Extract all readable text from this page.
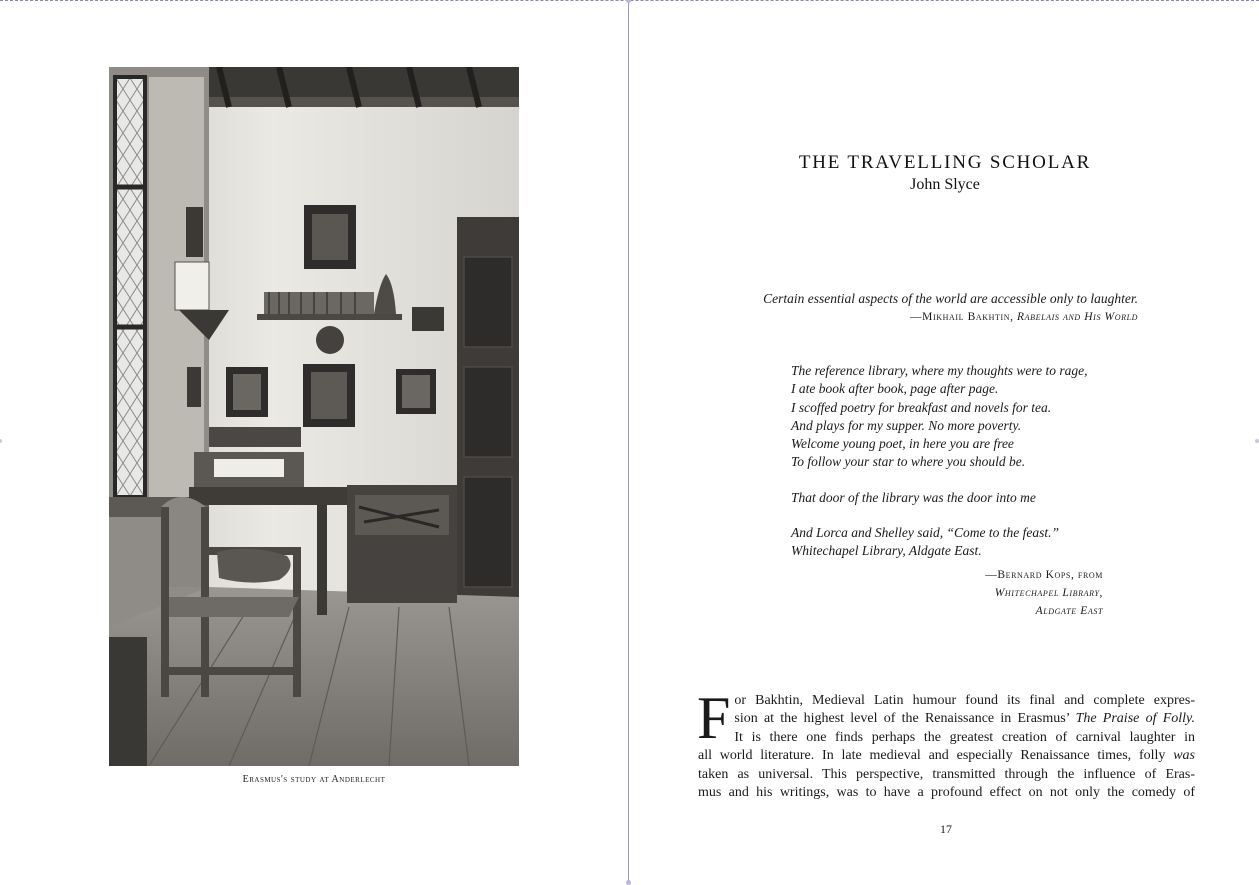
Erasmus's study at Anderlecht
THE TRAVELLING SCHOLAR
John Slyce
Certain essential aspects of the world are accessible only to laughter.
—Mikhail Bakhtin, Rabelais and His World
The reference library, where my thoughts were to rage,
I ate book after book, page after page.
I scoffed poetry for breakfast and novels for tea.
And plays for my supper. No more poverty.
Welcome young poet, in here you are free
To follow your star to where you should be.
That door of the library was the door into me
And Lorca and Shelley said, “Come to the feast.”
Whitechapel Library, Aldgate East.
—Bernard Kops, from
Whitechapel Library,
Aldgate East
F or Bakhtin, Medieval Latin humour found its final and complete expres-
sion at the highest level of the Renaissance in Erasmus’ The Praise of Folly.
It is there one finds perhaps the greatest creation of carnival laughter in
all world literature. In late medieval and especially Renaissance times, folly was
taken as universal. This perspective, transmitted through the influence of Eras-
mus and his writings, was to have a profound effect on not only the comedy of
17
